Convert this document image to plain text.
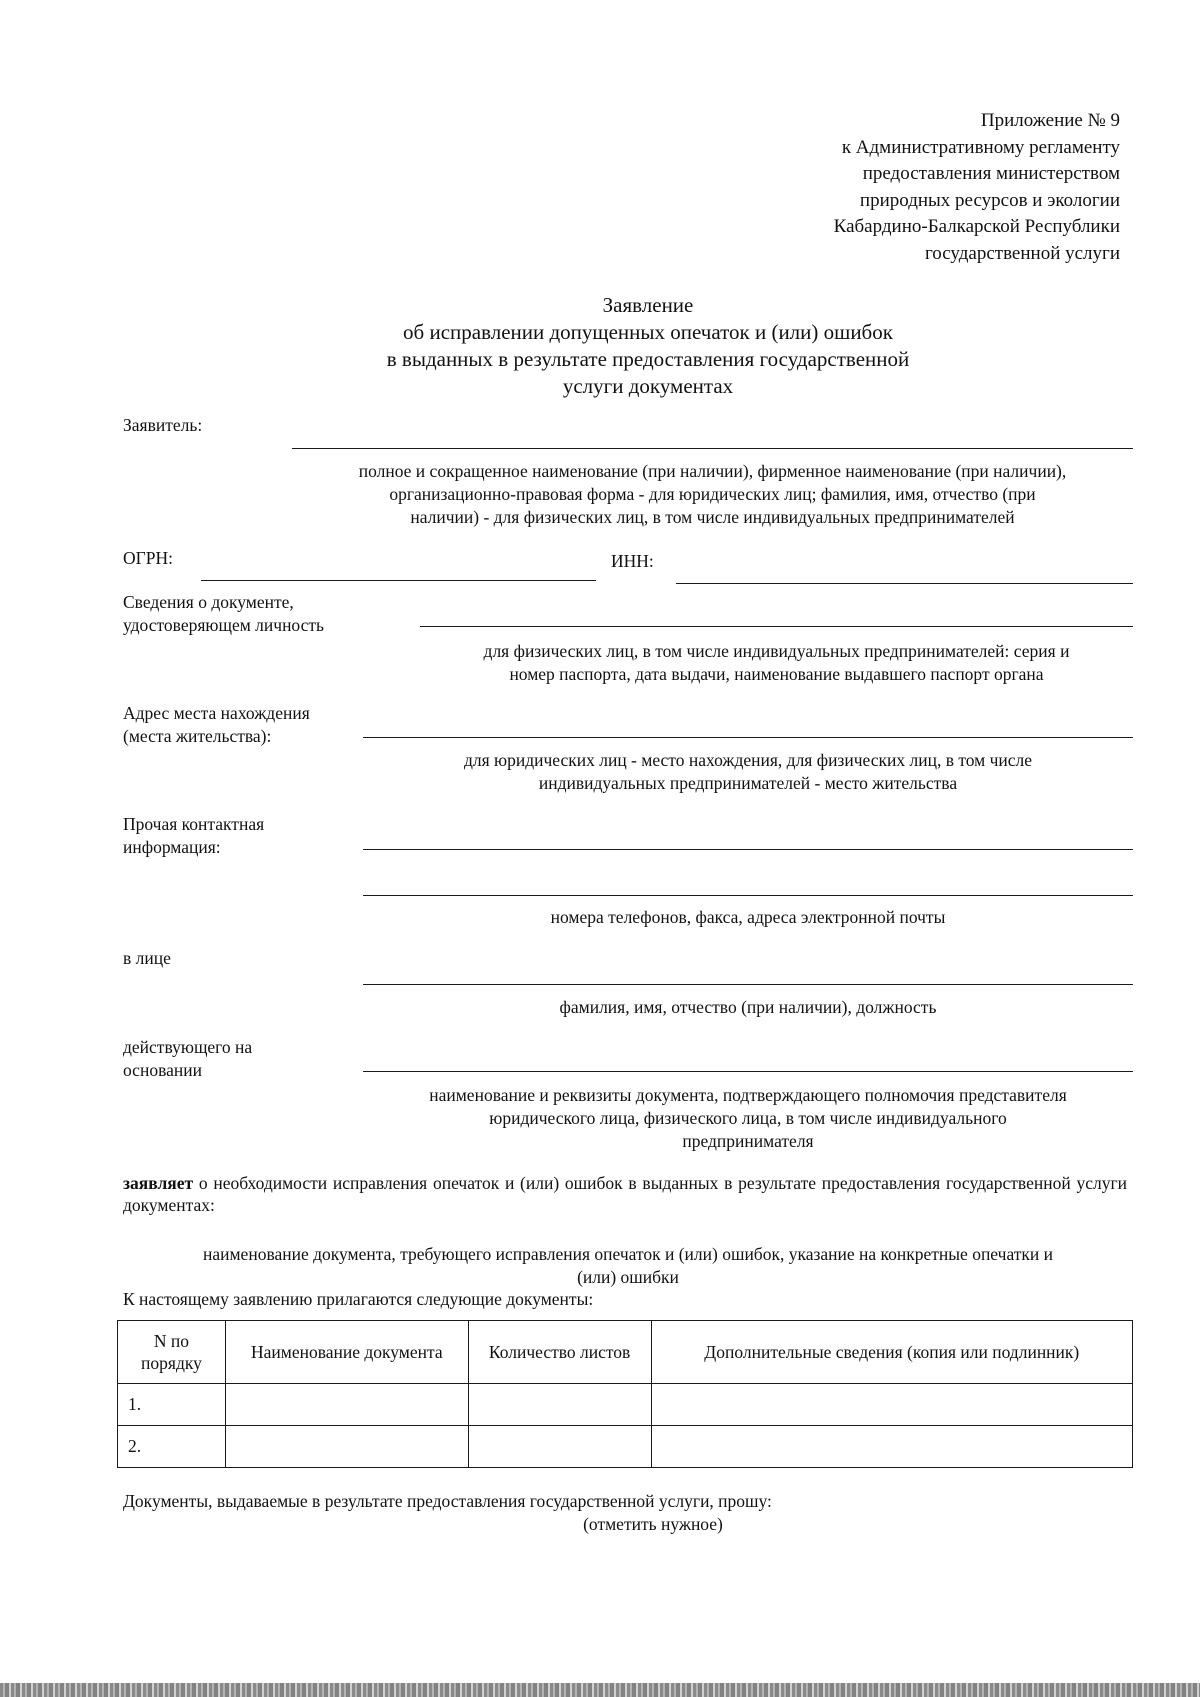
Приложение № 9
к Административному регламенту
предоставления министерством
природных ресурсов и экологии
Кабардино-Балкарской Республики
государственной услуги
Заявление
об исправлении допущенных опечаток и (или) ошибок
в выданных в результате предоставления государственной
услуги документах
Заявитель:
полное и сокращенное наименование (при наличии), фирменное наименование (при наличии),
организационно-правовая форма - для юридических лиц; фамилия, имя, отчество (при
наличии) - для физических лиц, в том числе индивидуальных предпринимателей
ОГРН:	ИНН:
Сведения о документе,
удостоверяющем личность
для физических лиц, в том числе индивидуальных предпринимателей: серия и
номер паспорта, дата выдачи, наименование выдавшего паспорт органа
Адрес места нахождения
(места жительства):
для юридических лиц - место нахождения, для физических лиц, в том числе
индивидуальных предпринимателей - место жительства
Прочая контактная
информация:
номера телефонов, факса, адреса электронной почты
в лице
фамилия, имя, отчество (при наличии), должность
действующего на
основании
наименование и реквизиты документа, подтверждающего полномочия представителя
юридического лица, физического лица, в том числе индивидуального
предпринимателя
заявляет о необходимости исправления опечаток и (или) ошибок в выданных в результате предоставления государственной услуги документах:
наименование документа, требующего исправления опечаток и (или) ошибок, указание на конкретные опечатки и
(или) ошибки
К настоящему заявлению прилагаются следующие документы:
N по
порядку	Наименование документа	Количество листов	Дополнительные сведения (копия или подлинник)
1.			
2.			
Документы, выдаваемые в результате предоставления государственной услуги, прошу:
(отметить нужное)
